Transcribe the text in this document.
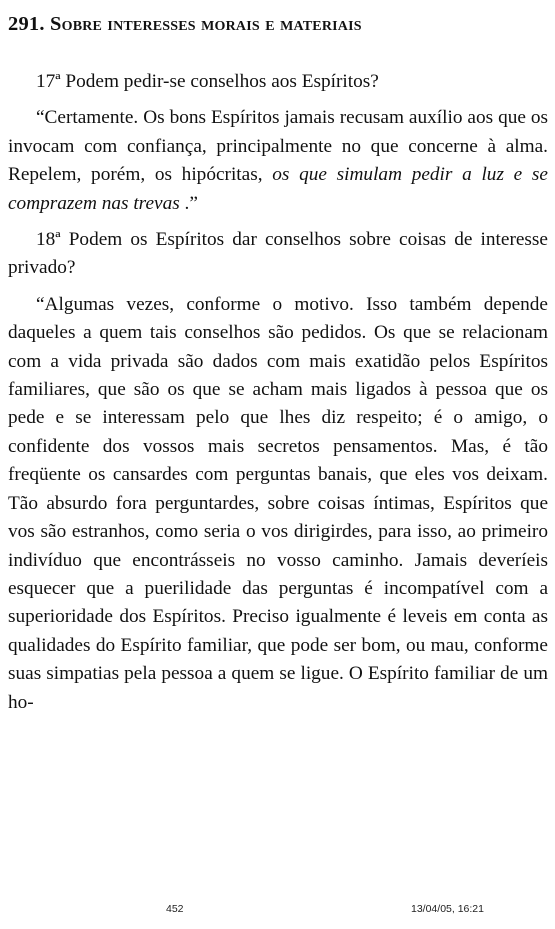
291. Sobre interesses morais e materiais

17ª Podem pedir-se conselhos aos Espíritos?

“Certamente. Os bons Espíritos jamais recusam auxílio aos que os invocam com confiança, principalmente no que concerne à alma. Repelem, porém, os hipócritas, os que simulam pedir a luz e se comprazem nas trevas .”

18ª Podem os Espíritos dar conselhos sobre coisas de interesse privado?

“Algumas vezes, conforme o motivo. Isso também depende daqueles a quem tais conselhos são pedidos. Os que se relacionam com a vida privada são dados com mais exatidão pelos Espíritos familiares, que são os que se acham mais ligados à pessoa que os pede e se interessam pelo que lhes diz respeito; é o amigo, o confidente dos vossos mais secretos pensamentos. Mas, é tão freqüente os cansardes com perguntas banais, que eles vos deixam. Tão absurdo fora perguntardes, sobre coisas íntimas, Espíritos que vos são estranhos, como seria o vos dirigirdes, para isso, ao primeiro indivíduo que encontrásseis no vosso caminho. Jamais deveríeis esquecer que a puerilidade das perguntas é incompatível com a superioridade dos Espíritos. Preciso igualmente é leveis em conta as qualidades do Espírito familiar, que pode ser bom, ou mau, conforme suas simpatias pela pessoa a quem se ligue. O Espírito familiar de um ho-

452	13/04/05, 16:21
